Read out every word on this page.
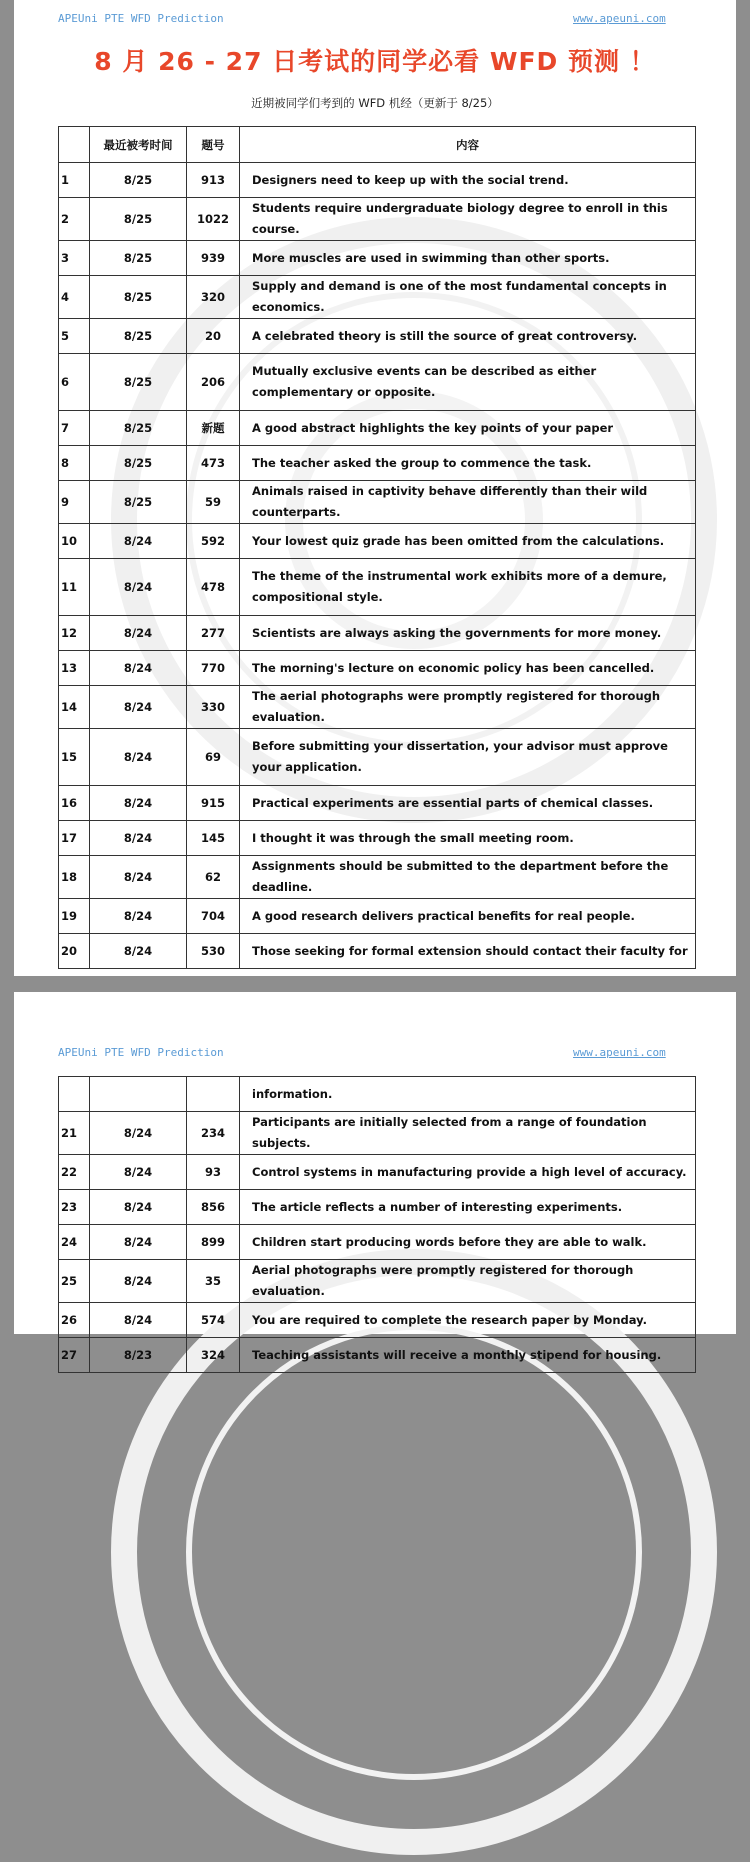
APEUni PTE WFD Prediction	www.apeuni.com
8 月 26 - 27 日考试的同学必看 WFD 预测 ！
近期被同学们考到的 WFD 机经（更新于 8/25）
	最近被考时间	题号	内容
1	8/25	913	Designers need to keep up with the social trend.
2	8/25	1022	Students require undergraduate biology degree to enroll in this course.
3	8/25	939	More muscles are used in swimming than other sports.
4	8/25	320	Supply and demand is one of the most fundamental concepts in economics.
5	8/25	20	A celebrated theory is still the source of great controversy.
6	8/25	206	Mutually exclusive events can be described as either complementary or opposite.
7	8/25	新题	A good abstract highlights the key points of your paper
8	8/25	473	The teacher asked the group to commence the task.
9	8/25	59	Animals raised in captivity behave differently than their wild counterparts.
10	8/24	592	Your lowest quiz grade has been omitted from the calculations.
11	8/24	478	The theme of the instrumental work exhibits more of a demure, compositional style.
12	8/24	277	Scientists are always asking the governments for more money.
13	8/24	770	The morning's lecture on economic policy has been cancelled.
14	8/24	330	The aerial photographs were promptly registered for thorough evaluation.
15	8/24	69	Before submitting your dissertation, your advisor must approve your application.
16	8/24	915	Practical experiments are essential parts of chemical classes.
17	8/24	145	I thought it was through the small meeting room.
18	8/24	62	Assignments should be submitted to the department before the deadline.
19	8/24	704	A good research delivers practical benefits for real people.
20	8/24	530	Those seeking for formal extension should contact their faculty for
APEUni PTE WFD Prediction	www.apeuni.com
			information.
21	8/24	234	Participants are initially selected from a range of foundation subjects.
22	8/24	93	Control systems in manufacturing provide a high level of accuracy.
23	8/24	856	The article reflects a number of interesting experiments.
24	8/24	899	Children start producing words before they are able to walk.
25	8/24	35	Aerial photographs were promptly registered for thorough evaluation.
26	8/24	574	You are required to complete the research paper by Monday.
27	8/23	324	Teaching assistants will receive a monthly stipend for housing.
